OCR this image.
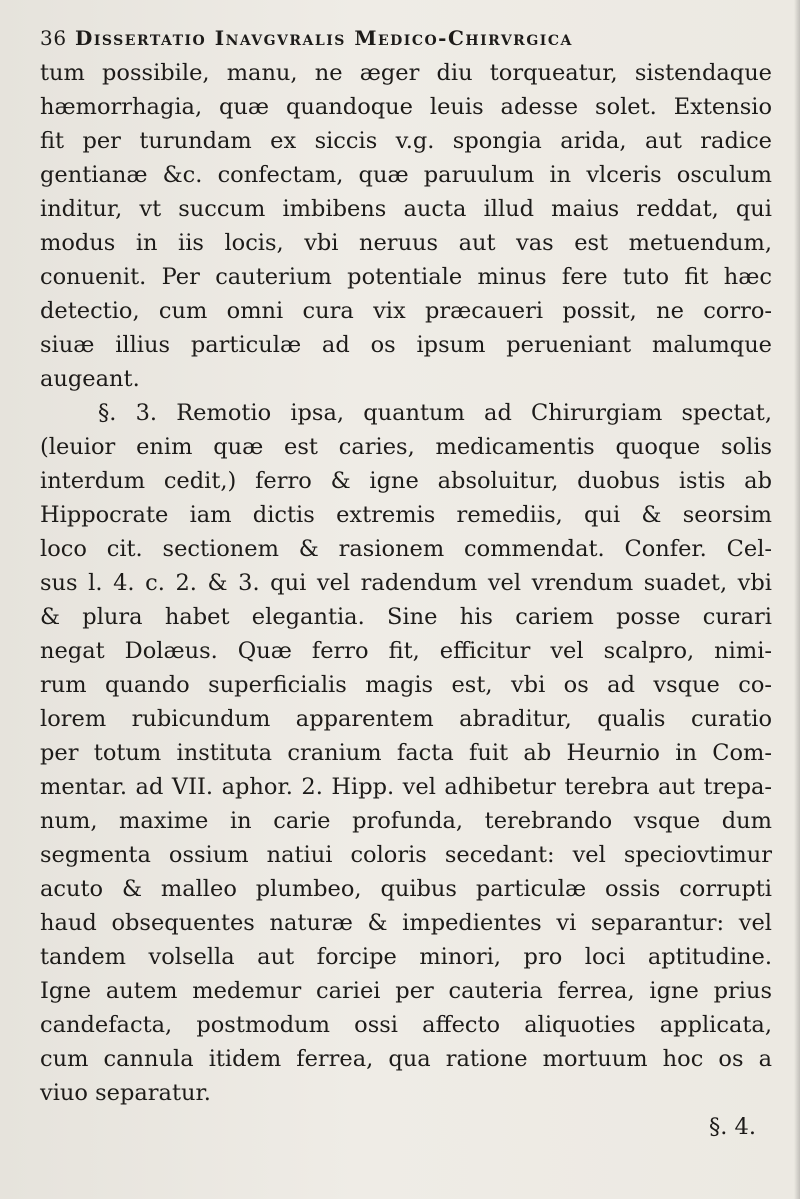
36 Dissertatio Inavgvralis Medico-Chirvrgica
tum possibile, manu, ne æger diu torqueatur, sistendaque
hæmorrhagia, quæ quandoque leuis adesse solet. Extensio
fit per turundam ex siccis v.g. spongia arida, aut radice
gentianæ &c. confectam, quæ paruulum in vlceris osculum
inditur, vt succum imbibens aucta illud maius reddat, qui
modus in iis locis, vbi neruus aut vas est metuendum,
conuenit. Per cauterium potentiale minus fere tuto fit hæc
detectio, cum omni cura vix præcaueri possit, ne corro-
siuæ illius particulæ ad os ipsum perueniant malumque
augeant.
§. 3. Remotio ipsa, quantum ad Chirurgiam spectat,
(leuior enim quæ est caries, medicamentis quoque solis
interdum cedit,) ferro & igne absoluitur, duobus istis ab
Hippocrate iam dictis extremis remediis, qui & seorsim
loco cit. sectionem & rasionem commendat. Confer. Cel-
sus l. 4. c. 2. & 3. qui vel radendum vel vrendum suadet, vbi
& plura habet elegantia. Sine his cariem posse curari
negat Dolæus. Quæ ferro fit, efficitur vel scalpro, nimi-
rum quando superficialis magis est, vbi os ad vsque co-
lorem rubicundum apparentem abraditur, qualis curatio
per totum instituta cranium facta fuit ab Heurnio in Com-
mentar. ad VII. aphor. 2. Hipp. vel adhibetur terebra aut trepa-
num, maxime in carie profunda, terebrando vsque dum
segmenta ossium natiui coloris secedant: vel speciovtimur
acuto & malleo plumbeo, quibus particulæ ossis corrupti
haud obsequentes naturæ & impedientes vi separantur: vel
tandem volsella aut forcipe minori, pro loci aptitudine.
Igne autem medemur cariei per cauteria ferrea, igne prius
candefacta, postmodum ossi affecto aliquoties applicata,
cum cannula itidem ferrea, qua ratione mortuum hoc os a
viuo separatur.
§. 4.
